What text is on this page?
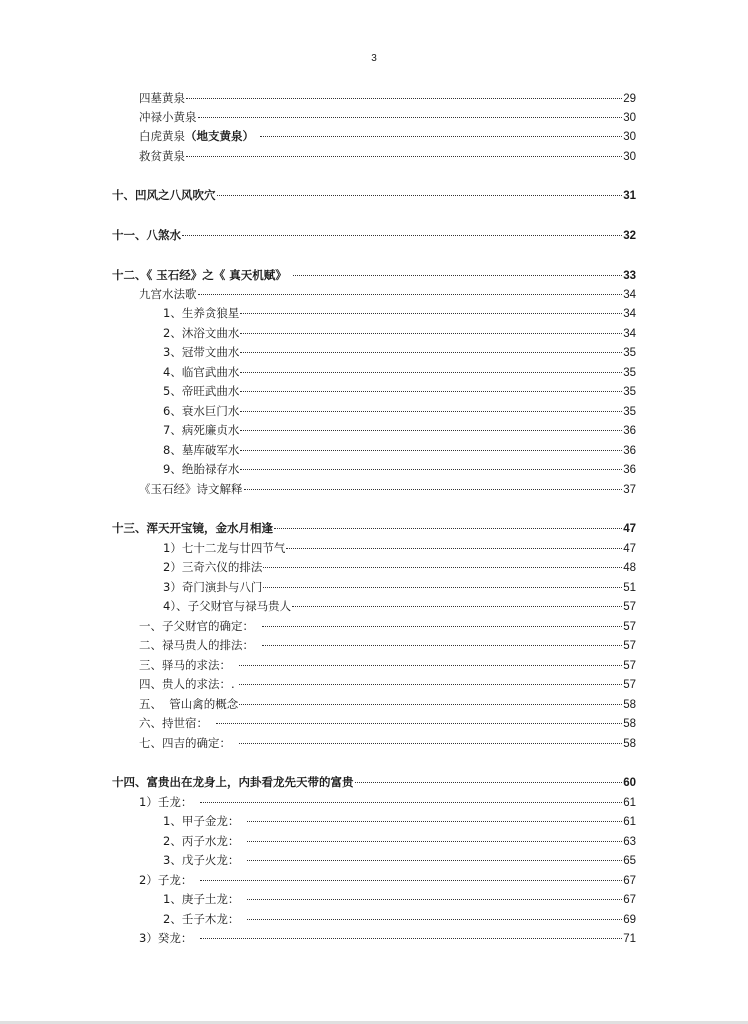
3
四墓黄泉	29
冲禄小黄泉	30
白虎黄泉（地支黄泉）	30
救贫黄泉	30
十、凹风之八风吹穴	31
十一、八煞水	32
十二、《 玉石经》之《 真天机赋》	33
九宫水法歌	34
1、生养贪狼星	34
2、沐浴文曲水	34
3、冠带文曲水	35
4、临官武曲水	35
5、帝旺武曲水	35
6、衰水巨门水	35
7、病死廉贞水	36
8、墓库破军水	36
9、绝胎禄存水	36
《玉石经》诗文解释	37
十三、浑天开宝镜，金水月相逢	47
1）七十二龙与廿四节气	47
2）三奇六仪的排法	48
3）奇门演卦与八门	51
4）、子父财官与禄马贵人	57
一、子父财官的确定：	57
二、禄马贵人的排法：	57
三、驿马的求法：	57
四、贵人的求法：.	57
五、  管山禽的概念	58
六、持世宿：	58
七、四吉的确定：	58
十四、富贵出在龙身上，内卦看龙先天带的富贵	60
1）壬龙：	61
1、甲子金龙：	61
2、丙子水龙：	63
3、戊子火龙：	65
2）子龙：	67
1、庚子土龙：	67
2、壬子木龙：	69
3）癸龙：	71
